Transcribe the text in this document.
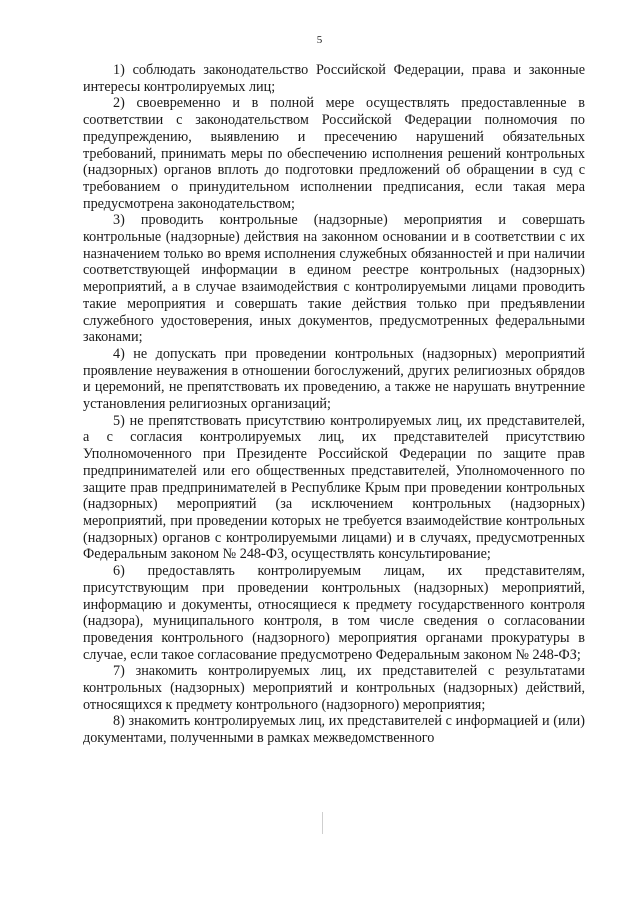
5

1) соблюдать законодательство Российской Федерации, права и законные интересы контролируемых лиц;

2) своевременно и в полной мере осуществлять предоставленные в соответствии с законодательством Российской Федерации полномочия по предупреждению, выявлению и пресечению нарушений обязательных требований, принимать меры по обеспечению исполнения решений контрольных (надзорных) органов вплоть до подготовки предложений об обращении в суд с требованием о принудительном исполнении предписания, если такая мера предусмотрена законодательством;

3) проводить контрольные (надзорные) мероприятия и совершать контрольные (надзорные) действия на законном основании и в соответствии с их назначением только во время исполнения служебных обязанностей и при наличии соответствующей информации в едином реестре контрольных (надзорных) мероприятий, а в случае взаимодействия с контролируемыми лицами проводить такие мероприятия и совершать такие действия только при предъявлении служебного удостоверения, иных документов, предусмотренных федеральными законами;

4) не допускать при проведении контрольных (надзорных) мероприятий проявление неуважения в отношении богослужений, других религиозных обрядов и церемоний, не препятствовать их проведению, а также не нарушать внутренние установления религиозных организаций;

5) не препятствовать присутствию контролируемых лиц, их представителей, а с согласия контролируемых лиц, их представителей присутствию Уполномоченного при Президенте Российской Федерации по защите прав предпринимателей или его общественных представителей, Уполномоченного по защите прав предпринимателей в Республике Крым при проведении контрольных (надзорных) мероприятий (за исключением контрольных (надзорных) мероприятий, при проведении которых не требуется взаимодействие контрольных (надзорных) органов с контролируемыми лицами) и в случаях, предусмотренных Федеральным законом № 248-ФЗ, осуществлять консультирование;

6) предоставлять контролируемым лицам, их представителям, присутствующим при проведении контрольных (надзорных) мероприятий, информацию и документы, относящиеся к предмету государственного контроля (надзора), муниципального контроля, в том числе сведения о согласовании проведения контрольного (надзорного) мероприятия органами прокуратуры в случае, если такое согласование предусмотрено Федеральным законом № 248-ФЗ;

7) знакомить контролируемых лиц, их представителей с результатами контрольных (надзорных) мероприятий и контрольных (надзорных) действий, относящихся к предмету контрольного (надзорного) мероприятия;

8) знакомить контролируемых лиц, их представителей с информацией и (или) документами, полученными в рамках межведомственного
